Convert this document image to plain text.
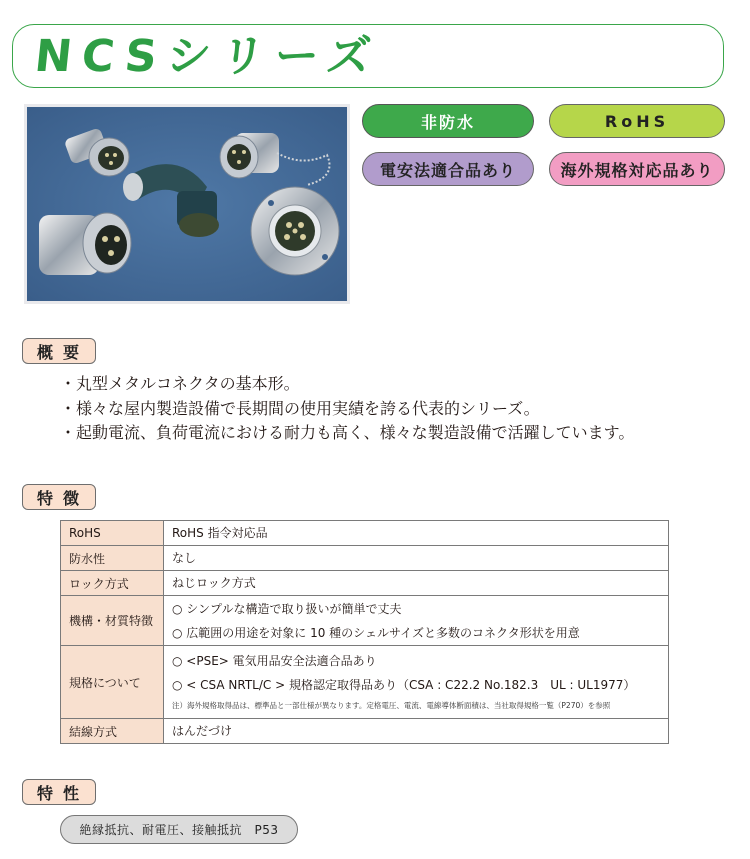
NCSシリーズ
非防水	RoHS
電安法適合品あり	海外規格対応品あり
概要
・丸型メタルコネクタの基本形。
・様々な屋内製造設備で長期間の使用実績を誇る代表的シリーズ。
・起動電流、負荷電流における耐力も高く、様々な製造設備で活躍しています。
特徴
RoHS	RoHS 指令対応品

防水性	なし

ロック方式	ねじロック方式

機構・材質特徴	○ シンプルな構造で取り扱いが簡単で丈夫
○ 広範囲の用途を対象に 10 種のシェルサイズと多数のコネクタ形状を用意

規格について	○ <PSE> 電気用品安全法適合品あり
○ < CSA NRTL/C > 規格認定取得品あり（CSA : C22.2 No.182.3　UL : UL1977）
注）海外規格取得品は、標準品と一部仕様が異なります。定格電圧、電流、電線導体断面積は、当社取得規格一覧（P270）を参照

結線方式	はんだづけ
特性
絶縁抵抗、耐電圧、接触抵抗　P53
